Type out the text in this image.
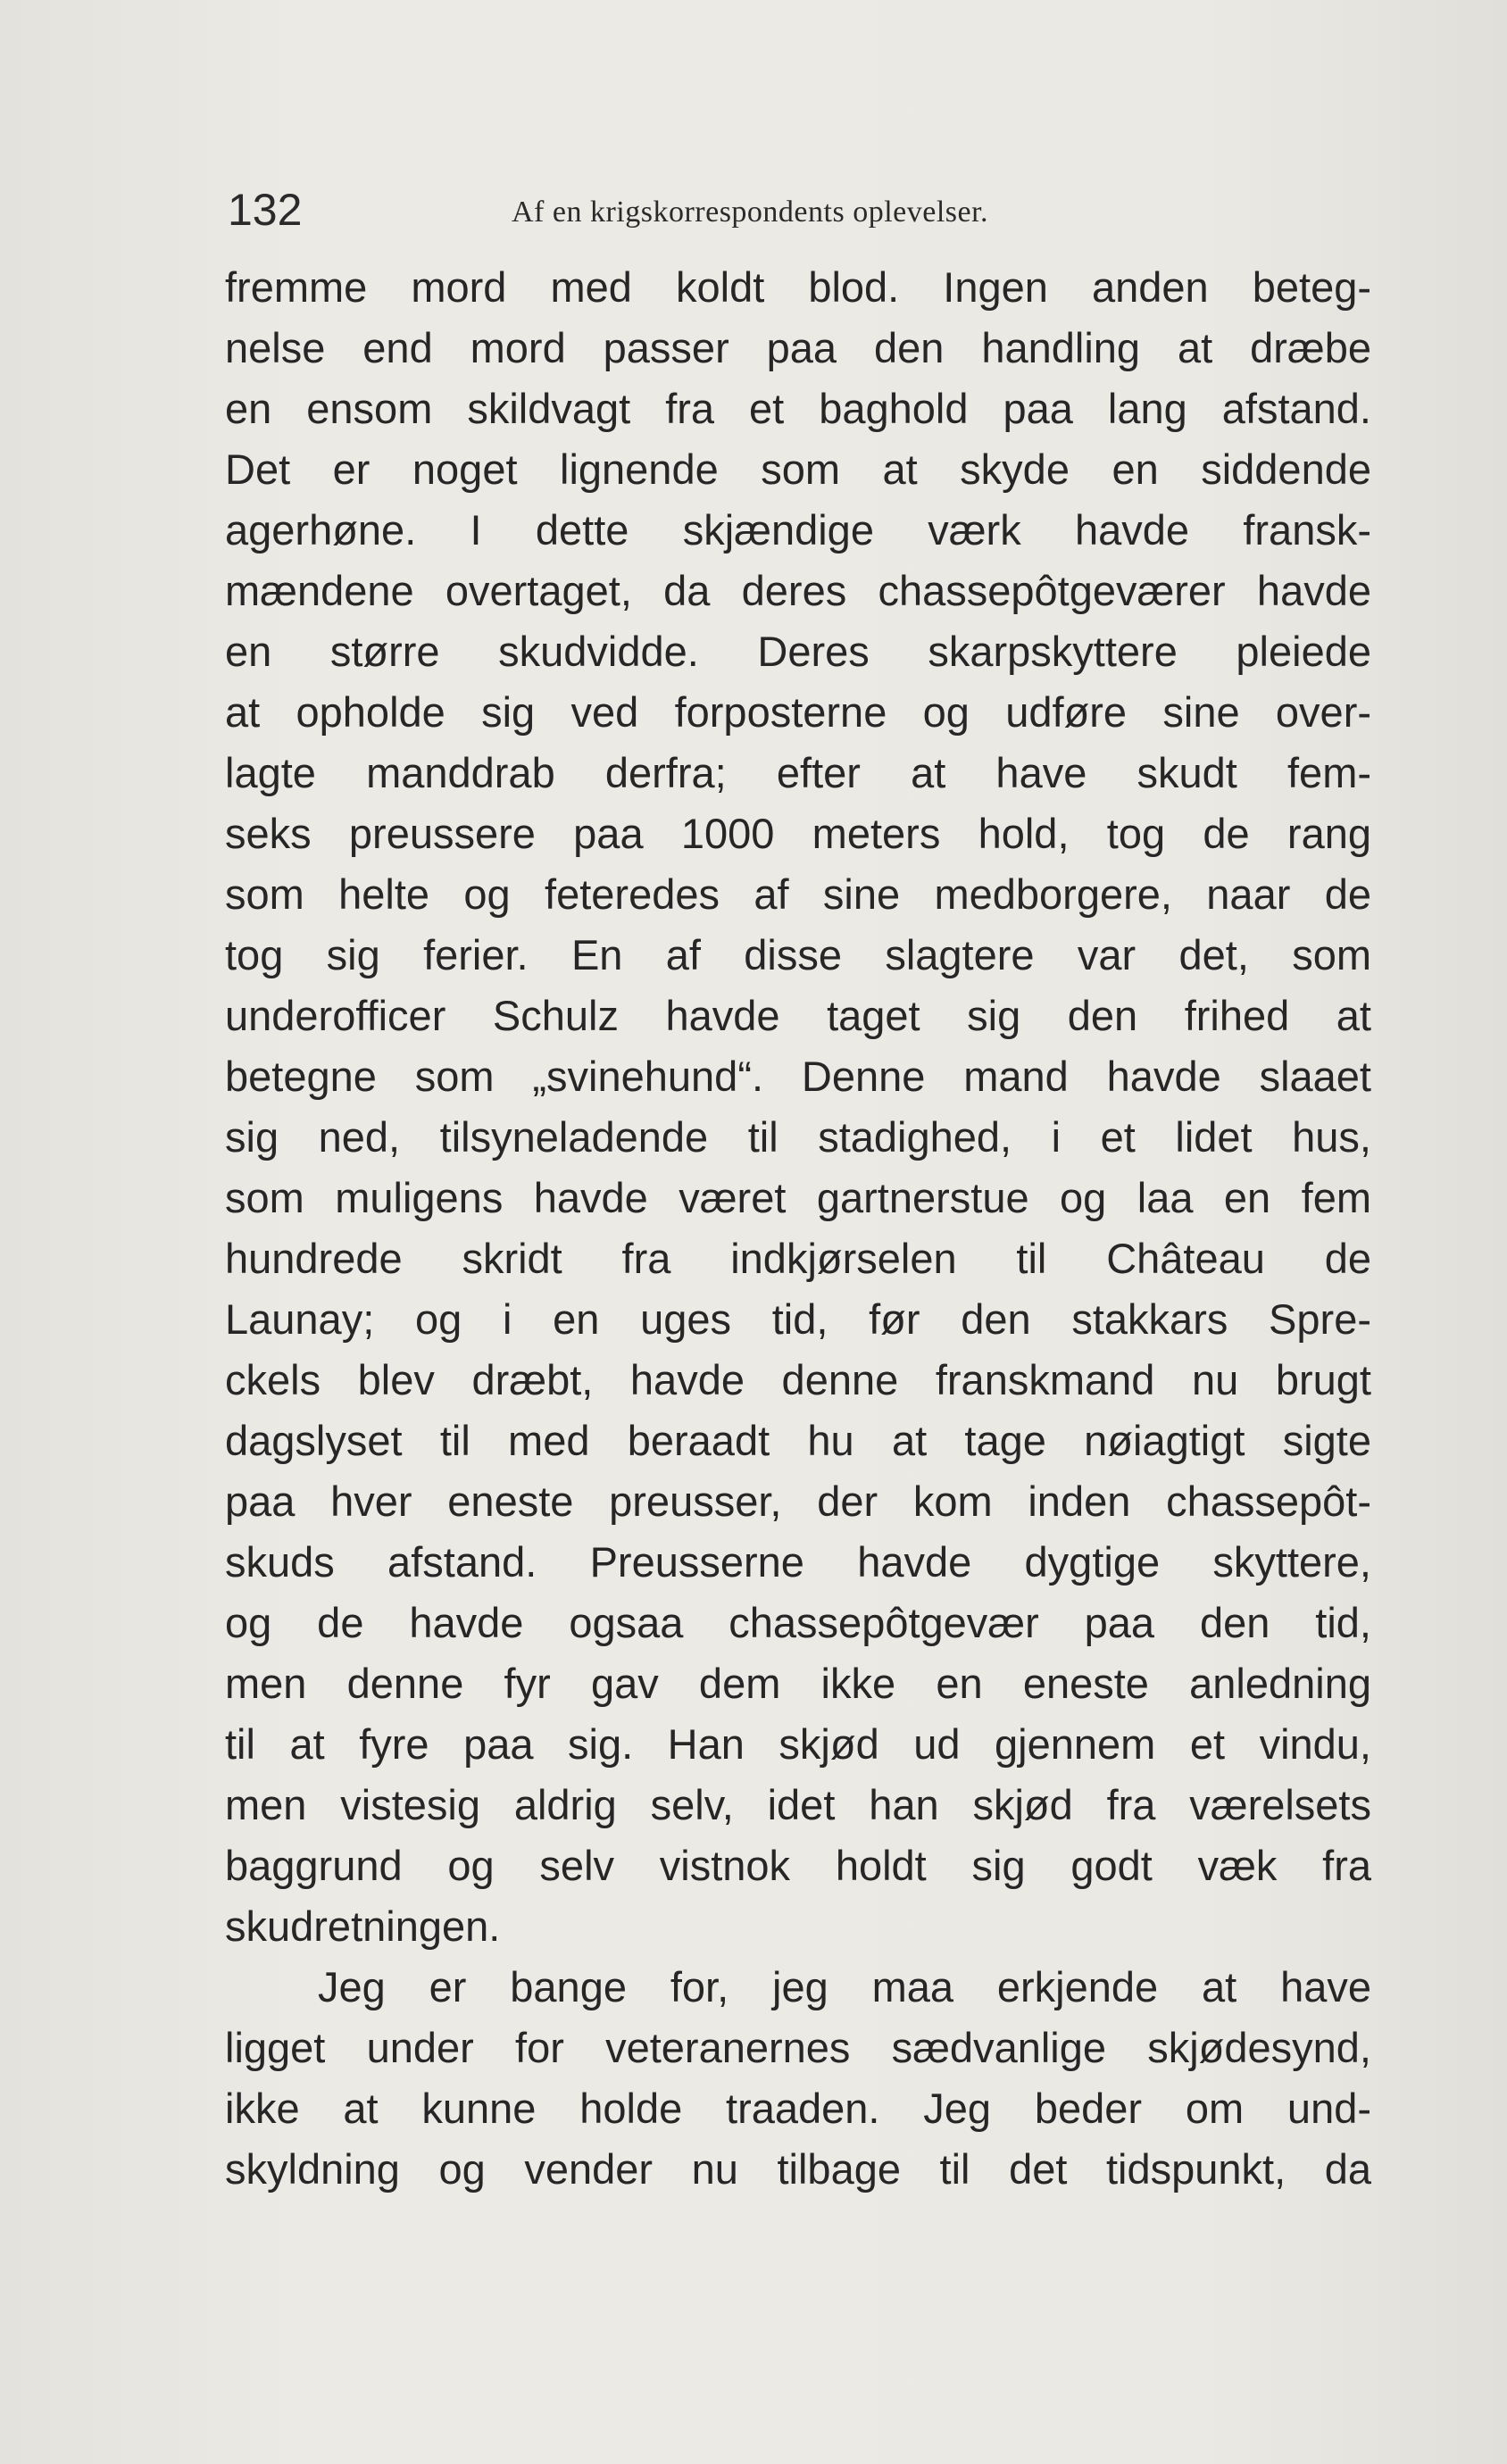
132	Af en krigskorrespondents oplevelser.
fremme mord med koldt blod. Ingen anden beteg-
nelse end mord passer paa den handling at dræbe
en ensom skildvagt fra et baghold paa lang afstand.
Det er noget lignende som at skyde en siddende
agerhøne. I dette skjændige værk havde fransk-
mændene overtaget, da deres chassepôtgeværer havde
en større skudvidde. Deres skarpskyttere pleiede
at opholde sig ved forposterne og udføre sine over-
lagte manddrab derfra; efter at have skudt fem-
seks preussere paa 1000 meters hold, tog de rang
som helte og feteredes af sine medborgere, naar de
tog sig ferier. En af disse slagtere var det, som
underofficer Schulz havde taget sig den frihed at
betegne som „svinehund“. Denne mand havde slaaet
sig ned, tilsyneladende til stadighed, i et lidet hus,
som muligens havde været gartnerstue og laa en fem
hundrede skridt fra indkjørselen til Château de
Launay; og i en uges tid, før den stakkars Spre-
ckels blev dræbt, havde denne franskmand nu brugt
dagslyset til med beraadt hu at tage nøiagtigt sigte
paa hver eneste preusser, der kom inden chassepôt-
skuds afstand. Preusserne havde dygtige skyttere,
og de havde ogsaa chassepôtgevær paa den tid,
men denne fyr gav dem ikke en eneste anledning
til at fyre paa sig. Han skjød ud gjennem et vindu,
men vistesig aldrig selv, idet han skjød fra værelsets
baggrund og selv vistnok holdt sig godt væk fra
skudretningen.
Jeg er bange for, jeg maa erkjende at have
ligget under for veteranernes sædvanlige skjødesynd,
ikke at kunne holde traaden. Jeg beder om und-
skyldning og vender nu tilbage til det tidspunkt, da
